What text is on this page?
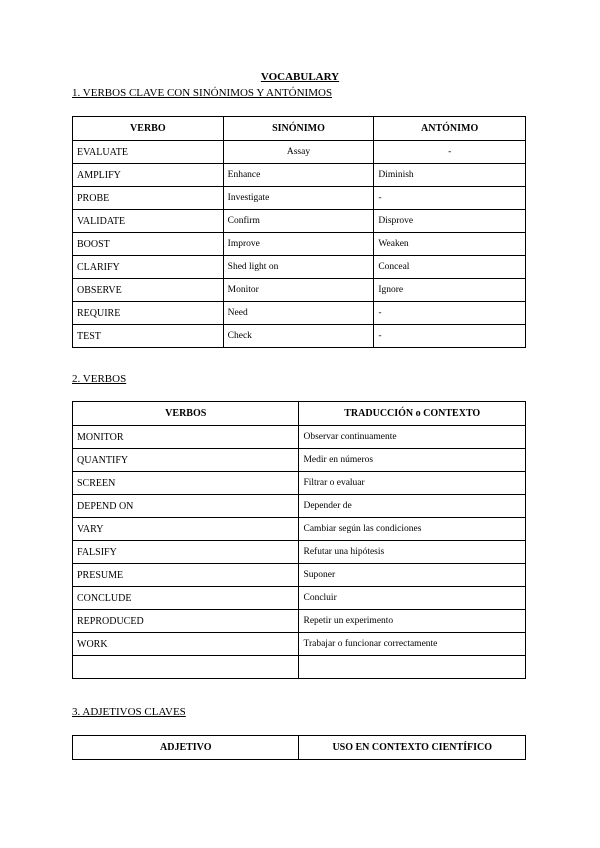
VOCABULARY
1. VERBOS CLAVE CON SINÓNIMOS Y ANTÓNIMOS
VERBO	SINÓNIMO	ANTÓNIMO
EVALUATE	Assay	-
AMPLIFY	Enhance	Diminish
PROBE	Investigate	-
VALIDATE	Confirm	Disprove
BOOST	Improve	Weaken
CLARIFY	Shed light on	Conceal
OBSERVE	Monitor	Ignore
REQUIRE	Need	-
TEST	Check	-
2. VERBOS
VERBOS	TRADUCCIÓN o CONTEXTO
MONITOR	Observar continuamente
QUANTIFY	Medir en números
SCREEN	Filtrar o evaluar
DEPEND ON	Depender de
VARY	Cambiar según las condiciones
FALSIFY	Refutar una hipótesis
PRESUME	Suponer
CONCLUDE	Concluir
REPRODUCED	Repetir un experimento
WORK	Trabajar o funcionar correctamente

3. ADJETIVOS CLAVES
ADJETIVO	USO EN CONTEXTO CIENTÍFICO
